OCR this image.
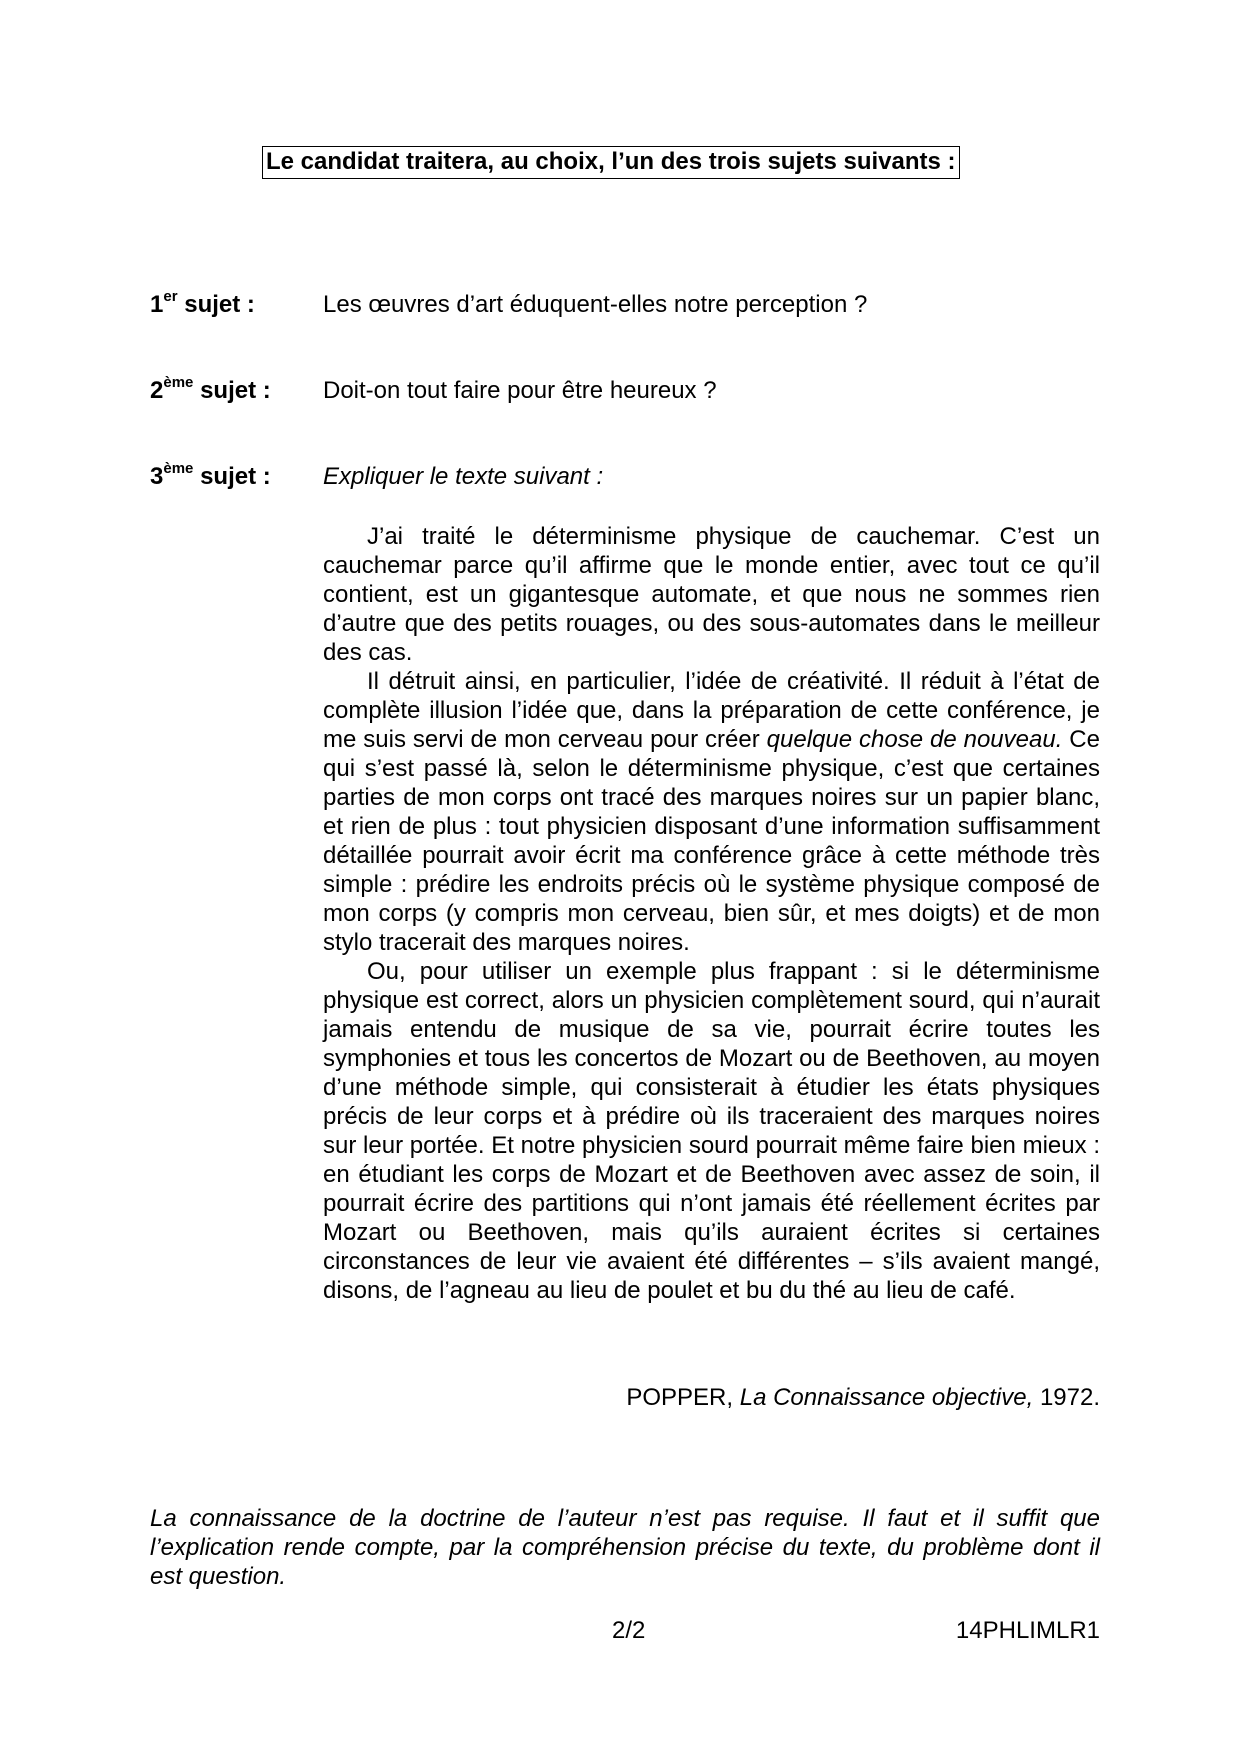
Le candidat traitera, au choix, l’un des trois sujets suivants :
1er sujet :	Les œuvres d’art éduquent-elles notre perception ?
2ème sujet : Doit-on tout faire pour être heureux ?
3ème sujet : Expliquer le texte suivant :

J’ai traité le déterminisme physique de cauchemar. C’est un cauchemar parce qu’il affirme que le monde entier, avec tout ce qu’il contient, est un gigantesque automate, et que nous ne sommes rien d’autre que des petits rouages, ou des sous-automates dans le meilleur des cas.

Il détruit ainsi, en particulier, l’idée de créativité. Il réduit à l’état de complète illusion l’idée que, dans la préparation de cette conférence, je me suis servi de mon cerveau pour créer quelque chose de nouveau. Ce qui s’est passé là, selon le déterminisme physique, c’est que certaines parties de mon corps ont tracé des marques noires sur un papier blanc, et rien de plus : tout physicien disposant d’une information suffisamment détaillée pourrait avoir écrit ma conférence grâce à cette méthode très simple : prédire les endroits précis où le système physique composé de mon corps (y compris mon cerveau, bien sûr, et mes doigts) et de mon stylo tracerait des marques noires.

Ou, pour utiliser un exemple plus frappant : si le déterminisme physique est correct, alors un physicien complètement sourd, qui n’aurait jamais entendu de musique de sa vie, pourrait écrire toutes les symphonies et tous les concertos de Mozart ou de Beethoven, au moyen d’une méthode simple, qui consisterait à étudier les états physiques précis de leur corps et à prédire où ils traceraient des marques noires sur leur portée. Et notre physicien sourd pourrait même faire bien mieux : en étudiant les corps de Mozart et de Beethoven avec assez de soin, il pourrait écrire des partitions qui n’ont jamais été réellement écrites par Mozart ou Beethoven, mais qu’ils auraient écrites si certaines circonstances de leur vie avaient été différentes – s’ils avaient mangé, disons, de l’agneau au lieu de poulet et bu du thé au lieu de café.

POPPER, La Connaissance objective, 1972.
La connaissance de la doctrine de l’auteur n’est pas requise. Il faut et il suffit que l’explication rende compte, par la compréhension précise du texte, du problème dont il est question.
2/2	14PHLIMLR1
